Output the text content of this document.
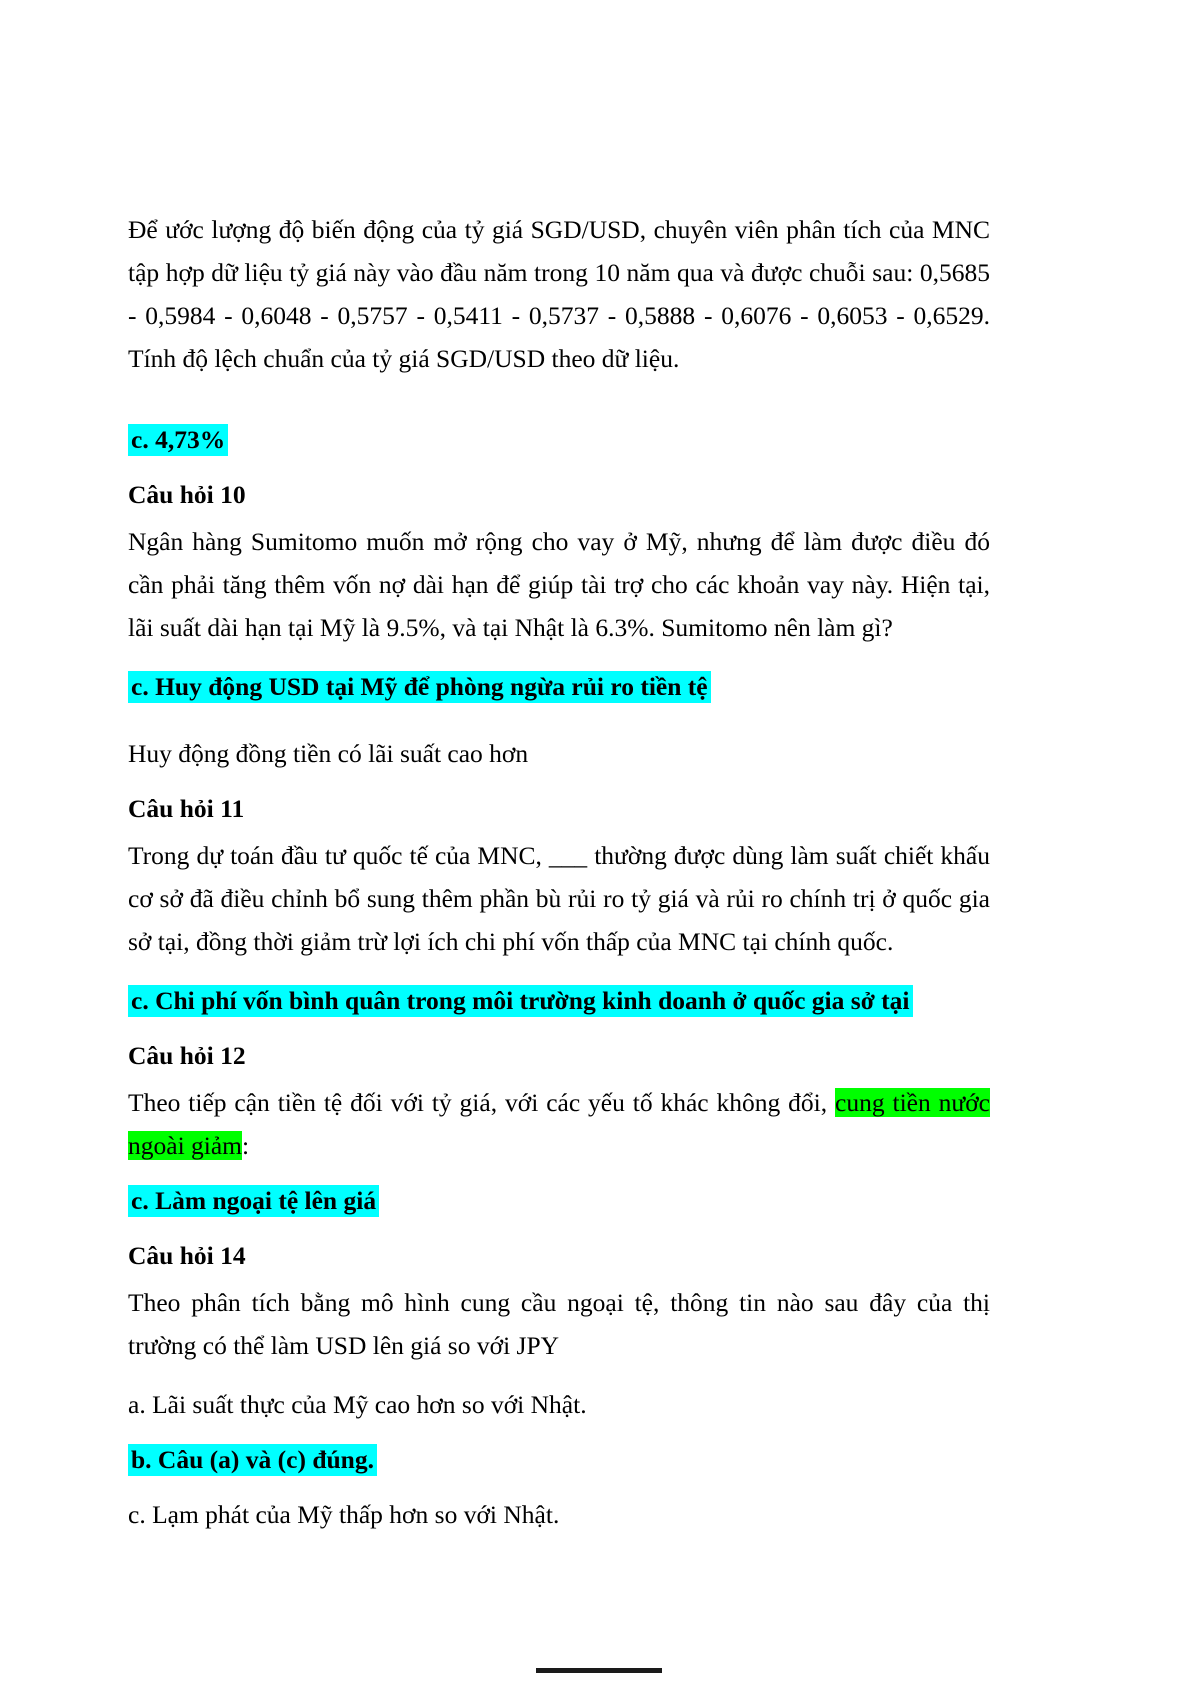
Để ước lượng độ biến động của tỷ giá SGD/USD, chuyên viên phân tích của MNC tập hợp dữ liệu tỷ giá này vào đầu năm trong 10 năm qua và được chuỗi sau: 0,5685 - 0,5984 - 0,6048 - 0,5757 - 0,5411 - 0,5737 - 0,5888 - 0,6076 - 0,6053 - 0,6529. Tính độ lệch chuẩn của tỷ giá SGD/USD theo dữ liệu.

c. 4,73%

Câu hỏi 10

Ngân hàng Sumitomo muốn mở rộng cho vay ở Mỹ, nhưng để làm được điều đó cần phải tăng thêm vốn nợ dài hạn để giúp tài trợ cho các khoản vay này. Hiện tại, lãi suất dài hạn tại Mỹ là 9.5%, và tại Nhật là 6.3%. Sumitomo nên làm gì?

c. Huy động USD tại Mỹ để phòng ngừa rủi ro tiền tệ

Huy động đồng tiền có lãi suất cao hơn

Câu hỏi 11

Trong dự toán đầu tư quốc tế của MNC, ___ thường được dùng làm suất chiết khấu cơ sở đã điều chỉnh bổ sung thêm phần bù rủi ro tỷ giá và rủi ro chính trị ở quốc gia sở tại, đồng thời giảm trừ lợi ích chi phí vốn thấp của MNC tại chính quốc.

c. Chi phí vốn bình quân trong môi trường kinh doanh ở quốc gia sở tại

Câu hỏi 12

Theo tiếp cận tiền tệ đối với tỷ giá, với các yếu tố khác không đổi, cung tiền nước ngoài giảm:

c. Làm ngoại tệ lên giá

Câu hỏi 14

Theo phân tích bằng mô hình cung cầu ngoại tệ, thông tin nào sau đây của thị trường có thể làm USD lên giá so với JPY

a. Lãi suất thực của Mỹ cao hơn so với Nhật.

b. Câu (a) và (c) đúng.

c. Lạm phát của Mỹ thấp hơn so với Nhật.
